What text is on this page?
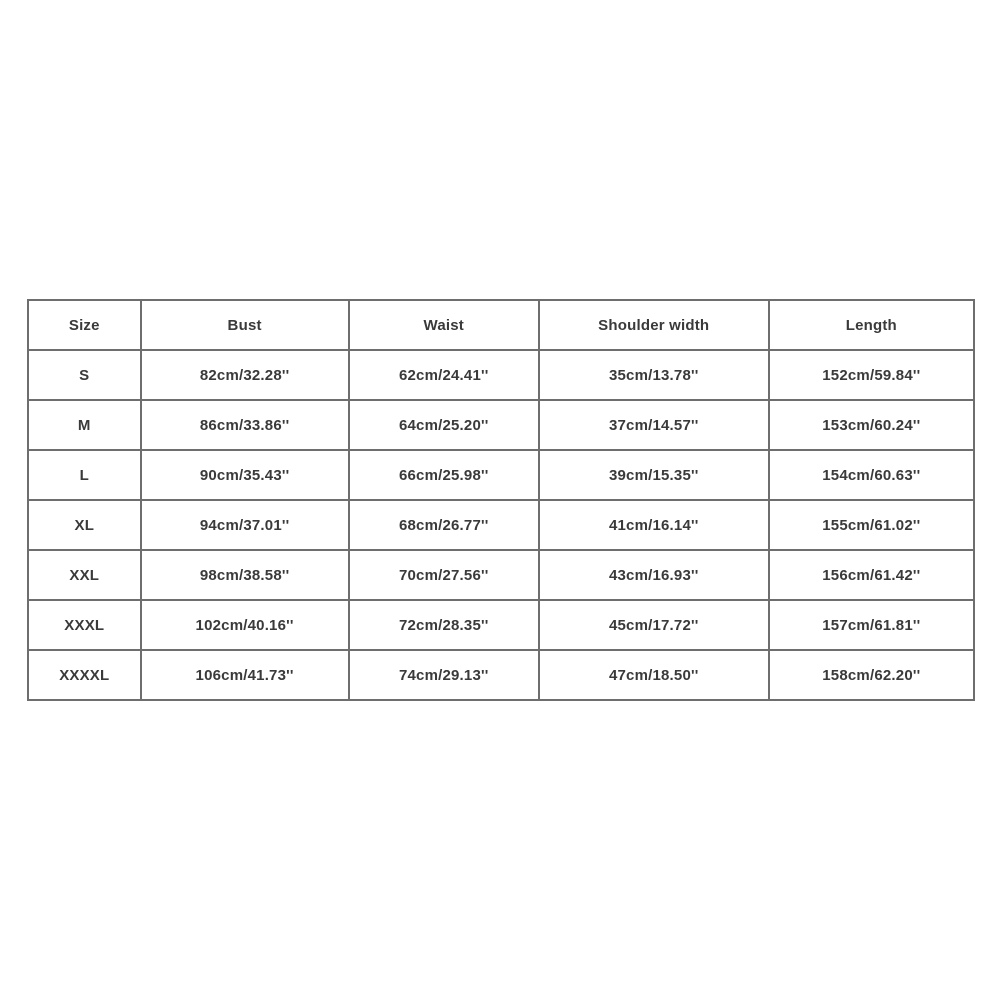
Size	Bust	Waist	Shoulder width	Length
S	82cm/32.28''	62cm/24.41''	35cm/13.78''	152cm/59.84''
M	86cm/33.86''	64cm/25.20''	37cm/14.57''	153cm/60.24''
L	90cm/35.43''	66cm/25.98''	39cm/15.35''	154cm/60.63''
XL	94cm/37.01''	68cm/26.77''	41cm/16.14''	155cm/61.02''
XXL	98cm/38.58''	70cm/27.56''	43cm/16.93''	156cm/61.42''
XXXL	102cm/40.16''	72cm/28.35''	45cm/17.72''	157cm/61.81''
XXXXL	106cm/41.73''	74cm/29.13''	47cm/18.50''	158cm/62.20''
